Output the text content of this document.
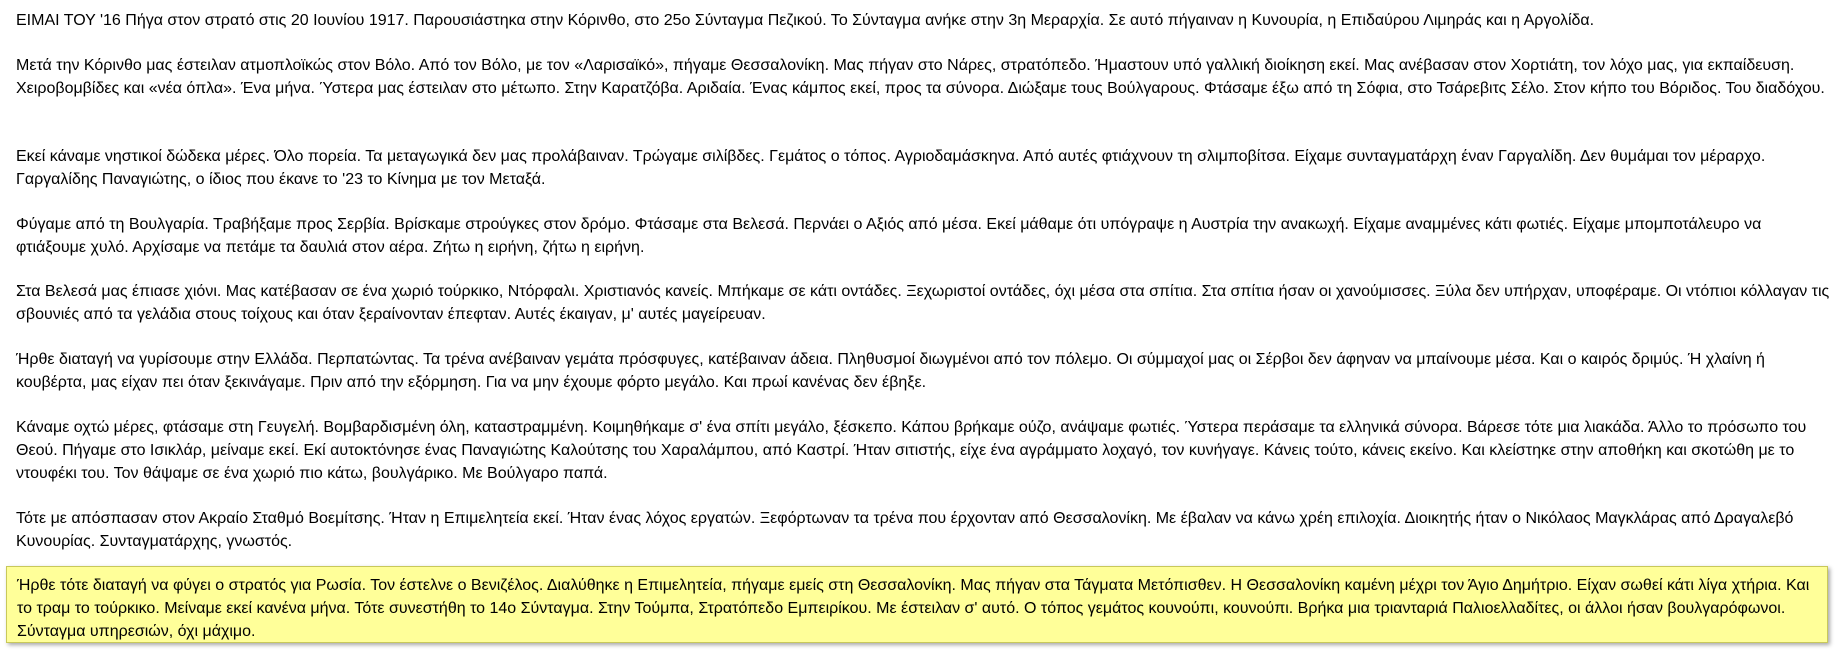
ΕΙΜΑΙ ΤΟΥ '16 Πήγα στον στρατό στις 20 Ιουνίου 1917. Παρουσιάστηκα στην Κόρινθο, στο 25ο Σύνταγμα Πεζικού. Το Σύνταγμα ανήκε στην 3η Μεραρχία. Σε αυτό πήγαιναν η Κυνουρία, η Επιδαύρου Λιμηράς και η Αργολίδα.

Μετά την Κόρινθο μας έστειλαν ατμοπλοϊκώς στον Βόλο. Από τον Βόλο, με τον «Λαρισαϊκό», πήγαμε Θεσσαλονίκη. Μας πήγαν στο Νάρες, στρατόπεδο. Ήμαστουν υπό γαλλική διοίκηση εκεί. Μας ανέβασαν στον Χορτιάτη, τον λόχο μας, για εκπαίδευση. Χειροβομβίδες και «νέα όπλα». Ένα μήνα. Ύστερα μας έστειλαν στο μέτωπο. Στην Καρατζόβα. Αριδαία. Ένας κάμπος εκεί, προς τα σύνορα. Διώξαμε τους Βούλγαρους. Φτάσαμε έξω από τη Σόφια, στο Τσάρεβιτς Σέλο. Στον κήπο του Βόριδος. Του διαδόχου.

Εκεί κάναμε νηστικοί δώδεκα μέρες. Όλο πορεία. Τα μεταγωγικά δεν μας προλάβαιναν. Τρώγαμε σιλίβδες. Γεμάτος ο τόπος. Αγριοδαμάσκηνα. Από αυτές φτιάχνουν τη σλιμποβίτσα. Είχαμε συνταγματάρχη έναν Γαργαλίδη. Δεν θυμάμαι τον μέραρχο. Γαργαλίδης Παναγιώτης, ο ίδιος που έκανε το '23 το Κίνημα με τον Μεταξά.

Φύγαμε από τη Βουλγαρία. Τραβήξαμε προς Σερβία. Βρίσκαμε στρούγκες στον δρόμο. Φτάσαμε στα Βελεσά. Περνάει ο Αξιός από μέσα. Εκεί μάθαμε ότι υπόγραψε η Αυστρία την ανακωχή. Είχαμε αναμμένες κάτι φωτιές. Είχαμε μπομποτάλευρο να φτιάξουμε χυλό. Αρχίσαμε να πετάμε τα δαυλιά στον αέρα. Ζήτω η ειρήνη, ζήτω η ειρήνη.

Στα Βελεσά μας έπιασε χιόνι. Μας κατέβασαν σε ένα χωριό τούρκικο, Ντόρφαλι. Χριστιανός κανείς. Μπήκαμε σε κάτι οντάδες. Ξεχωριστοί οντάδες, όχι μέσα στα σπίτια. Στα σπίτια ήσαν οι χανούμισσες. Ξύλα δεν υπήρχαν, υποφέραμε. Οι ντόπιοι κόλλαγαν τις σβουνιές από τα γελάδια στους τοίχους και όταν ξεραίνονταν έπεφταν. Αυτές έκαιγαν, μ' αυτές μαγείρευαν.

Ήρθε διαταγή να γυρίσουμε στην Ελλάδα. Περπατώντας. Τα τρένα ανέβαιναν γεμάτα πρόσφυγες, κατέβαιναν άδεια. Πληθυσμοί διωγμένοι από τον πόλεμο. Οι σύμμαχοί μας οι Σέρβοι δεν άφηναν να μπαίνουμε μέσα. Και ο καιρός δριμύς. Ή χλαίνη ή κουβέρτα, μας είχαν πει όταν ξεκινάγαμε. Πριν από την εξόρμηση. Για να μην έχουμε φόρτο μεγάλο. Και πρωί κανένας δεν έβηξε.

Κάναμε οχτώ μέρες, φτάσαμε στη Γευγελή. Βομβαρδισμένη όλη, καταστραμμένη. Κοιμηθήκαμε σ' ένα σπίτι μεγάλο, ξέσκεπο. Κάπου βρήκαμε ούζο, ανάψαμε φωτιές. Ύστερα περάσαμε τα ελληνικά σύνορα. Βάρεσε τότε μια λιακάδα. Άλλο το πρόσωπο του Θεού. Πήγαμε στο Ισικλάρ, μείναμε εκεί. Εκί αυτοκτόνησε ένας Παναγιώτης Καλούτσης του Χαραλάμπου, από Καστρί. Ήταν σιτιστής, είχε ένα αγράμματο λοχαγό, τον κυνήγαγε. Κάνεις τούτο, κάνεις εκείνο. Και κλείστηκε στην αποθήκη και σκοτώθη με το ντουφέκι του. Τον θάψαμε σε ένα χωριό πιο κάτω, βουλγάρικο. Με Βούλγαρο παπά.

Τότε με απόσπασαν στον Ακραίο Σταθμό Βοεμίτσης. Ήταν η Επιμελητεία εκεί. Ήταν ένας λόχος εργατών. Ξεφόρτωναν τα τρένα που έρχονταν από Θεσσαλονίκη. Με έβαλαν να κάνω χρέη επιλοχία. Διοικητής ήταν ο Νικόλαος Μαγκλάρας από Δραγαλεβό Κυνουρίας. Συνταγματάρχης, γνωστός.

Ήρθε τότε διαταγή να φύγει ο στρατός για Ρωσία. Τον έστελνε ο Βενιζέλος. Διαλύθηκε η Επιμελητεία, πήγαμε εμείς στη Θεσσαλονίκη. Μας πήγαν στα Τάγματα Μετόπισθεν. Η Θεσσαλονίκη καμένη μέχρι τον Άγιο Δημήτριο. Είχαν σωθεί κάτι λίγα χτήρια. Και το τραμ το τούρκικο. Μείναμε εκεί κανένα μήνα. Τότε συνεστήθη το 14ο Σύνταγμα. Στην Τούμπα, Στρατόπεδο Εμπειρίκου. Με έστειλαν σ' αυτό. Ο τόπος γεμάτος κουνούπι, κουνούπι. Βρήκα μια τριανταριά Παλιοελλαδίτες, οι άλλοι ήσαν βουλγαρόφωνοι. Σύνταγμα υπηρεσιών, όχι μάχιμο.
